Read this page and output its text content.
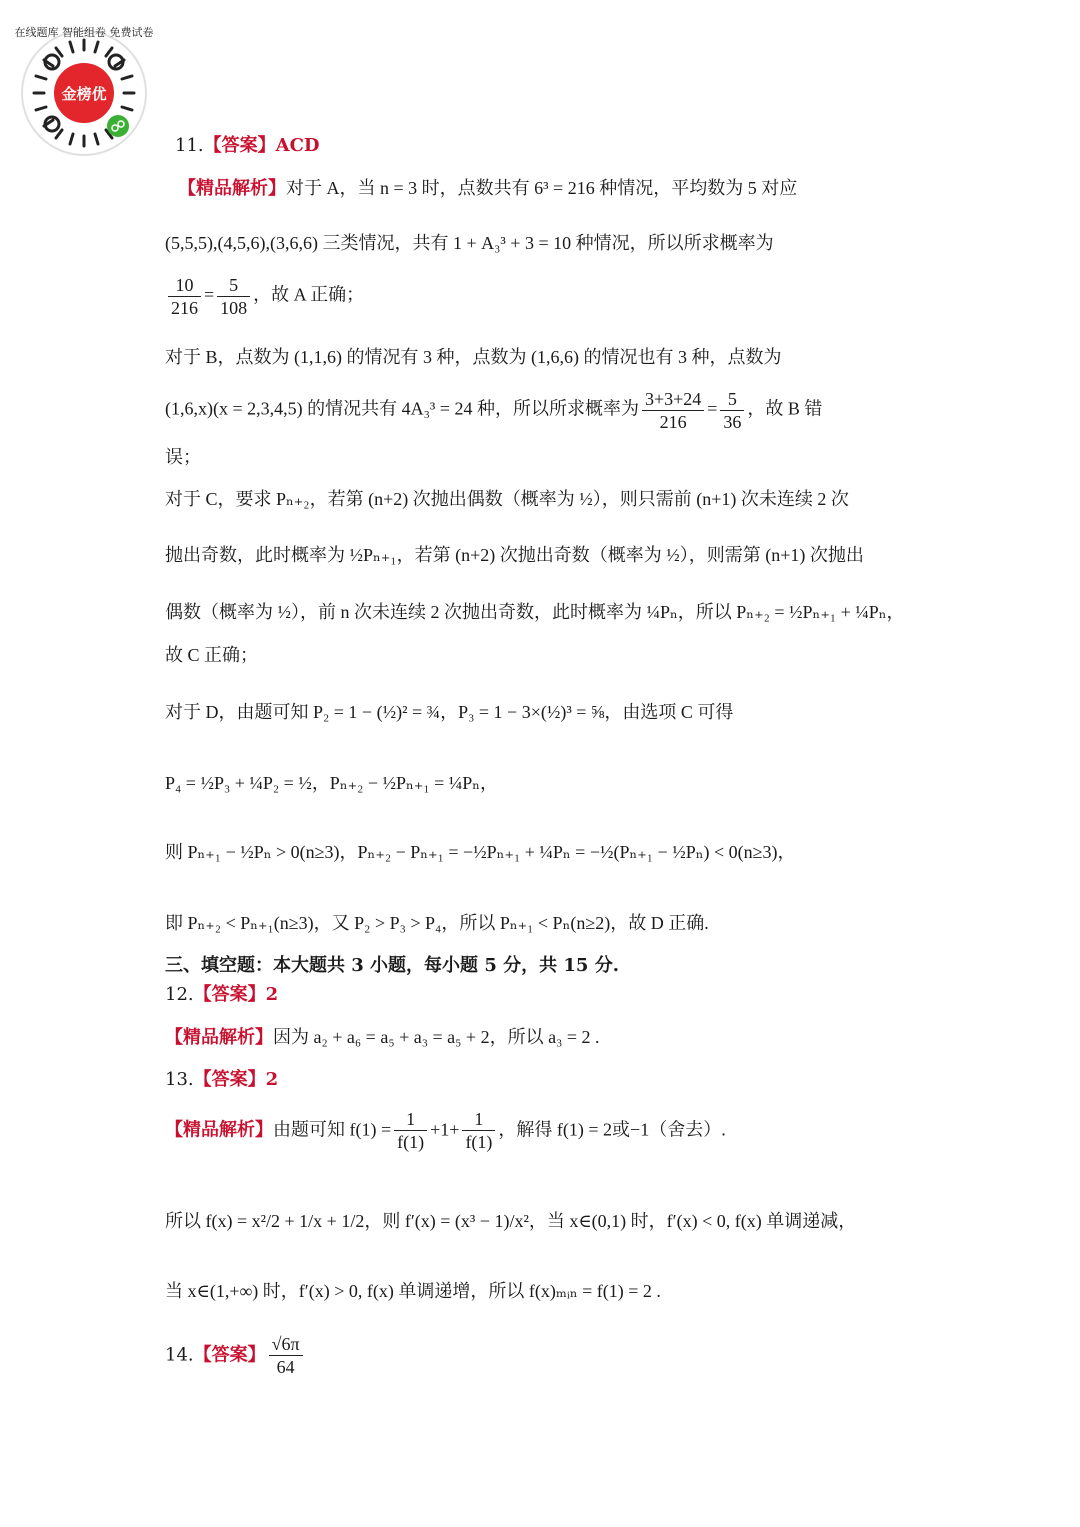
金榜优
在线题库 智能组卷 免费试卷
11.【答案】ACD
【精品解析】对于 A，当 n = 3 时，点数共有 6³ = 216 种情况，平均数为 5 对应
(5,5,5),(4,5,6),(3,6,6) 三类情况，共有 1 + A₃³ + 3 = 10 种情况，所以所求概率为
$\frac{10}{216} = \frac{5}{108}$ ，故 A 正确；
对于 B，点数为 (1,1,6) 的情况有 3 种，点数为 (1,6,6) 的情况也有 3 种，点数为
(1,6,x)(x = 2,3,4,5) 的情况共有 4A₃³ = 24 种，所以所求概率为 $\frac{3+3+24}{216} = \frac{5}{36}$ ，故 B 错
误；
对于 C，要求 Pₙ₊₂，若第 (n+2) 次抛出偶数（概率为 ½），则只需前 (n+1) 次未连续 2 次
抛出奇数，此时概率为 ½Pₙ₊₁，若第 (n+2) 次抛出奇数（概率为 ½），则需第 (n+1) 次抛出
偶数（概率为 ½），前 n 次未连续 2 次抛出奇数，此时概率为 ¼Pₙ，所以 Pₙ₊₂ = ½Pₙ₊₁ + ¼Pₙ，
故 C 正确；
对于 D，由题可知 P₂ = 1 − (½)² = ¾，P₃ = 1 − 3×(½)³ = ⅝，由选项 C 可得
P₄ = ½P₃ + ¼P₂ = ½，Pₙ₊₂ − ½Pₙ₊₁ = ¼Pₙ，
则 Pₙ₊₁ − ½Pₙ > 0(n≥3)，Pₙ₊₂ − Pₙ₊₁ = −½Pₙ₊₁ + ¼Pₙ = −½(Pₙ₊₁ − ½Pₙ) < 0(n≥3)，
即 Pₙ₊₂ < Pₙ₊₁(n≥3)，又 P₂ > P₃ > P₄，所以 Pₙ₊₁ < Pₙ(n≥2)，故 D 正确.
三、填空题：本大题共 3 小题，每小题 5 分，共 15 分.
12.【答案】2
【精品解析】因为 a₂ + a₆ = a₅ + a₃ = a₅ + 2，所以 a₃ = 2 .
13.【答案】2
【精品解析】由题可知 $f(1) = \frac{1}{f(1)} +1+ \frac{1}{f(1)}$ ，解得 f(1) = 2或−1（舍去）.
所以 f(x) = x²/2 + 1/x + 1/2，则 f′(x) = (x³ − 1)/x²，当 x∈(0,1) 时，f′(x) < 0, f(x) 单调递减，
当 x∈(1,+∞) 时，f′(x) > 0, f(x) 单调递增，所以 f(x)ₘᵢₙ = f(1) = 2 .
14.【答案】 $\frac{√6\pi}{64}$
